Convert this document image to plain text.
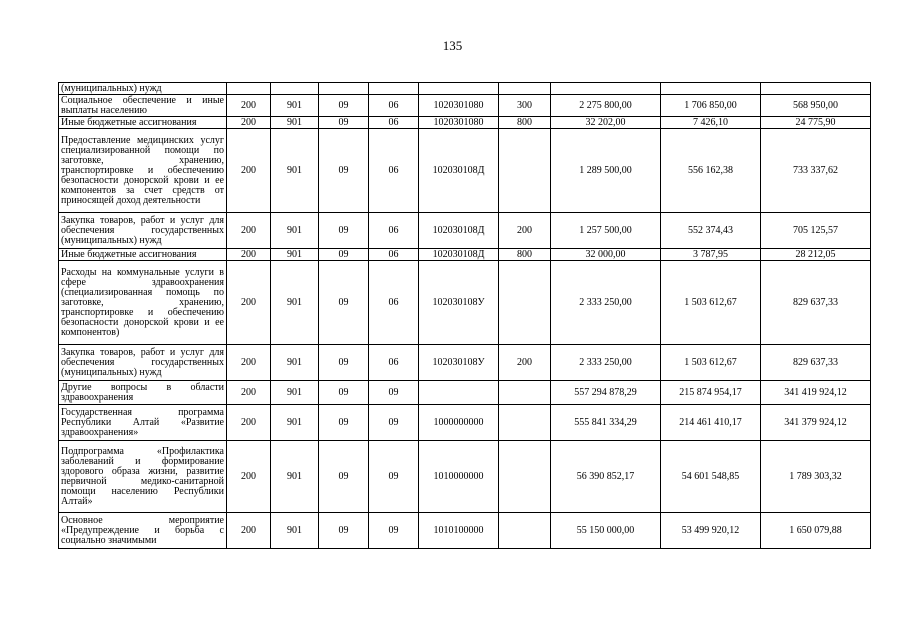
135
(муниципальных) нужд									
Социальное обеспечение и иные выплаты населению	200	901	09	06	1020301080	300	2 275 800,00	1 706 850,00	568 950,00
Иные бюджетные ассигнования	200	901	09	06	1020301080	800	32 202,00	7 426,10	24 775,90
Предоставление медицинских услуг специализированной помощи по заготовке, хранению, транспортировке и обеспечению безопасности донорской крови и ее компонентов за счет средств от приносящей доход деятельности	200	901	09	06	102030108Д		1 289 500,00	556 162,38	733 337,62
Закупка товаров, работ и услуг для обеспечения государственных (муниципальных) нужд	200	901	09	06	102030108Д	200	1 257 500,00	552 374,43	705 125,57
Иные бюджетные ассигнования	200	901	09	06	102030108Д	800	32 000,00	3 787,95	28 212,05
Расходы на коммунальные услуги в сфере здравоохранения (специализированная помощь по заготовке, хранению, транспортировке и обеспечению безопасности донорской крови и ее компонентов)	200	901	09	06	102030108У		2 333 250,00	1 503 612,67	829 637,33
Закупка товаров, работ и услуг для обеспечения государственных (муниципальных) нужд	200	901	09	06	102030108У	200	2 333 250,00	1 503 612,67	829 637,33
Другие вопросы в области здравоохранения	200	901	09	09			557 294 878,29	215 874 954,17	341 419 924,12
Государственная программа Республики Алтай «Развитие здравоохранения»	200	901	09	09	1000000000		555 841 334,29	214 461 410,17	341 379 924,12
Подпрограмма «Профилактика заболеваний и формирование здорового образа жизни, развитие первичной медико-санитарной помощи населению Республики Алтай»	200	901	09	09	1010000000		56 390 852,17	54 601 548,85	1 789 303,32
Основное мероприятие «Предупреждение и борьба с социально значимыми	200	901	09	09	1010100000		55 150 000,00	53 499 920,12	1 650 079,88
